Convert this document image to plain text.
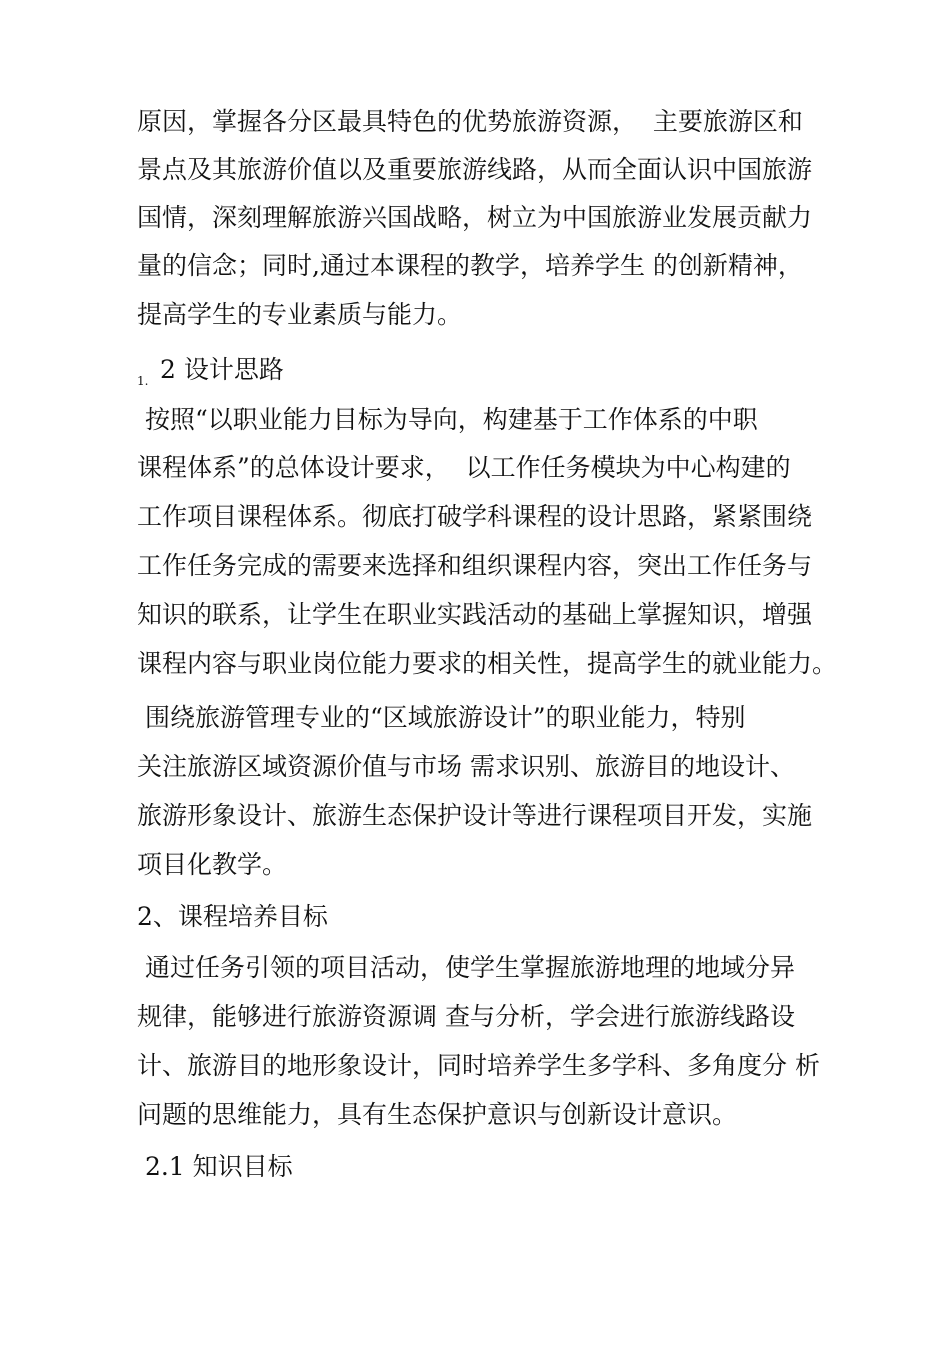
原因，掌握各分区最具特色的优势旅游资源，  主要旅游区和
景点及其旅游价值以及重要旅游线路，从而全面认识中国旅游
国情，深刻理解旅游兴国战略，树立为中国旅游业发展贡献力
量的信念；同时,通过本课程的教学，培养学生 的创新精神，
提高学生的专业素质与能力。
1. 2 设计思路
按照“以职业能力目标为导向，构建基于工作体系的中职
课程体系”的总体设计要求，  以工作任务模块为中心构建的
工作项目课程体系。彻底打破学科课程的设计思路，紧紧围绕
工作任务完成的需要来选择和组织课程内容，突出工作任务与
知识的联系，让学生在职业实践活动的基础上掌握知识，增强
课程内容与职业岗位能力要求的相关性，提高学生的就业能力。
围绕旅游管理专业的“区域旅游设计”的职业能力，特别
关注旅游区域资源价值与市场 需求识别、旅游目的地设计、
旅游形象设计、旅游生态保护设计等进行课程项目开发，实施
项目化教学。
2、课程培养目标
通过任务引领的项目活动，使学生掌握旅游地理的地域分异
规律，能够进行旅游资源调 查与分析，学会进行旅游线路设
计、旅游目的地形象设计，同时培养学生多学科、多角度分 析
问题的思维能力，具有生态保护意识与创新设计意识。
2.1 知识目标
